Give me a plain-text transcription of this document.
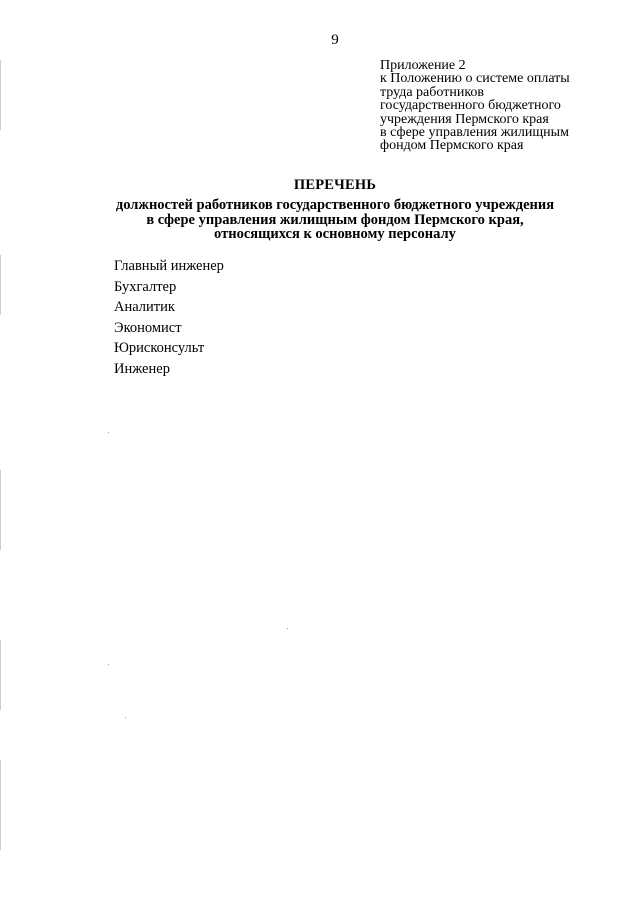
9
Приложение 2
к Положению о системе оплаты
труда работников
государственного бюджетного
учреждения Пермского края
в сфере управления жилищным
фондом Пермского края
ПЕРЕЧЕНЬ
должностей работников государственного бюджетного учреждения
в сфере управления жилищным фондом Пермского края,
относящихся к основному персоналу
Главный инженер
Бухгалтер
Аналитик
Экономист
Юрисконсульт
Инженер
